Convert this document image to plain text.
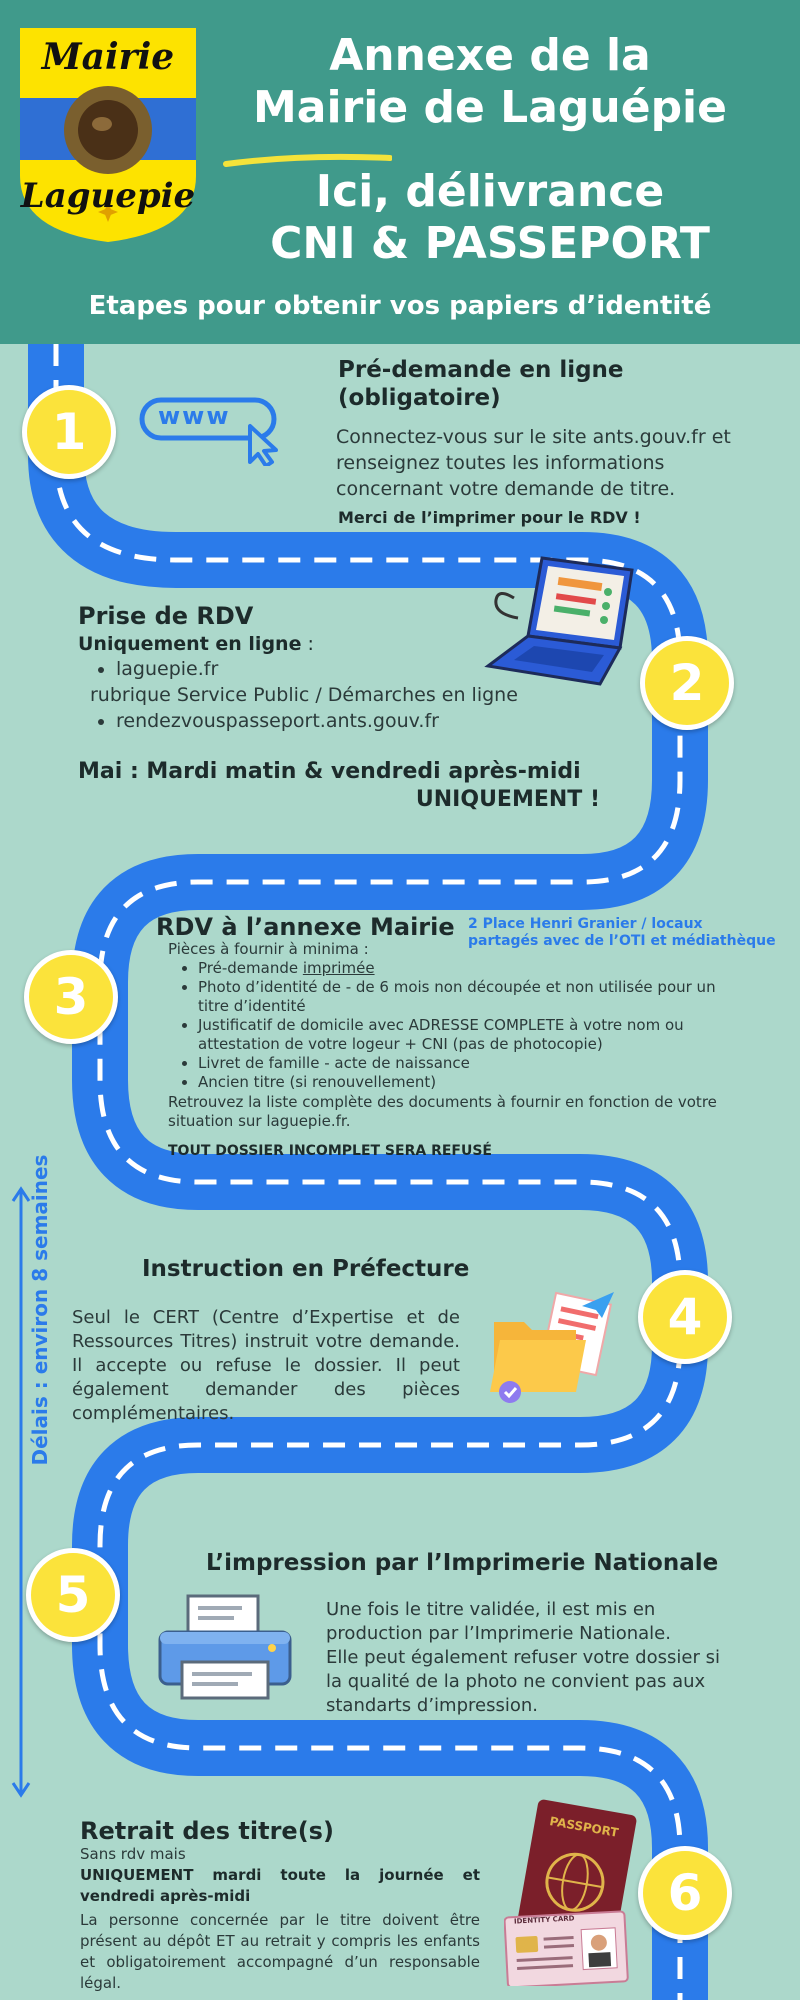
Mairie
Laguepie
Annexe de la
Mairie de Laguépie
Ici, délivrance
CNI & PASSEPORT
Etapes pour obtenir vos papiers d’identité
Délais : environ 8 semaines
1	www
Pré-demande en ligne
(obligatoire)
Connectez-vous sur le site ants.gouv.fr et renseignez toutes les informations concernant votre demande de titre.
Merci de l’imprimer pour le RDV !
2
Prise de RDV
Uniquement en ligne :
• laguepie.fr
rubrique Service Public / Démarches en ligne
• rendezvouspasseport.ants.gouv.fr
Mai : Mardi matin & vendredi après-midi
UNIQUEMENT !
3
RDV à l’annexe Mairie 2 Place Henri Granier / locaux
partagés avec de l’OTI et médiathèque
Pièces à fournir à minima :
• Pré-demande imprimée
• Photo d’identité de - de 6 mois non découpée et non utilisée pour un titre d’identité
• Justificatif de domicile avec ADRESSE COMPLETE à votre nom ou attestation de votre logeur + CNI (pas de photocopie)
• Livret de famille - acte de naissance
• Ancien titre (si renouvellement)
Retrouvez la liste complète des documents à fournir en fonction de votre situation sur laguepie.fr.
TOUT DOSSIER INCOMPLET SERA REFUSÉ
Instruction en Préfecture
Seul le CERT (Centre d’Expertise et de Ressources Titres) instruit votre demande. Il accepte ou refuse le dossier. Il peut également demander des pièces complémentaires.
4
5
L’impression par l’Imprimerie Nationale
Une fois le titre validée, il est mis en production par l’Imprimerie Nationale.
Elle peut également refuser votre dossier si la qualité de la photo ne convient pas aux standarts d’impression.
Retrait des titre(s)
Sans rdv mais
UNIQUEMENT mardi toute la journée et vendredi après-midi
La personne concernée par le titre doivent être présent au dépôt ET au retrait y compris les enfants et obligatoirement accompagné d’un responsable légal.
PASSPORT
IDENTITY CARD	6
